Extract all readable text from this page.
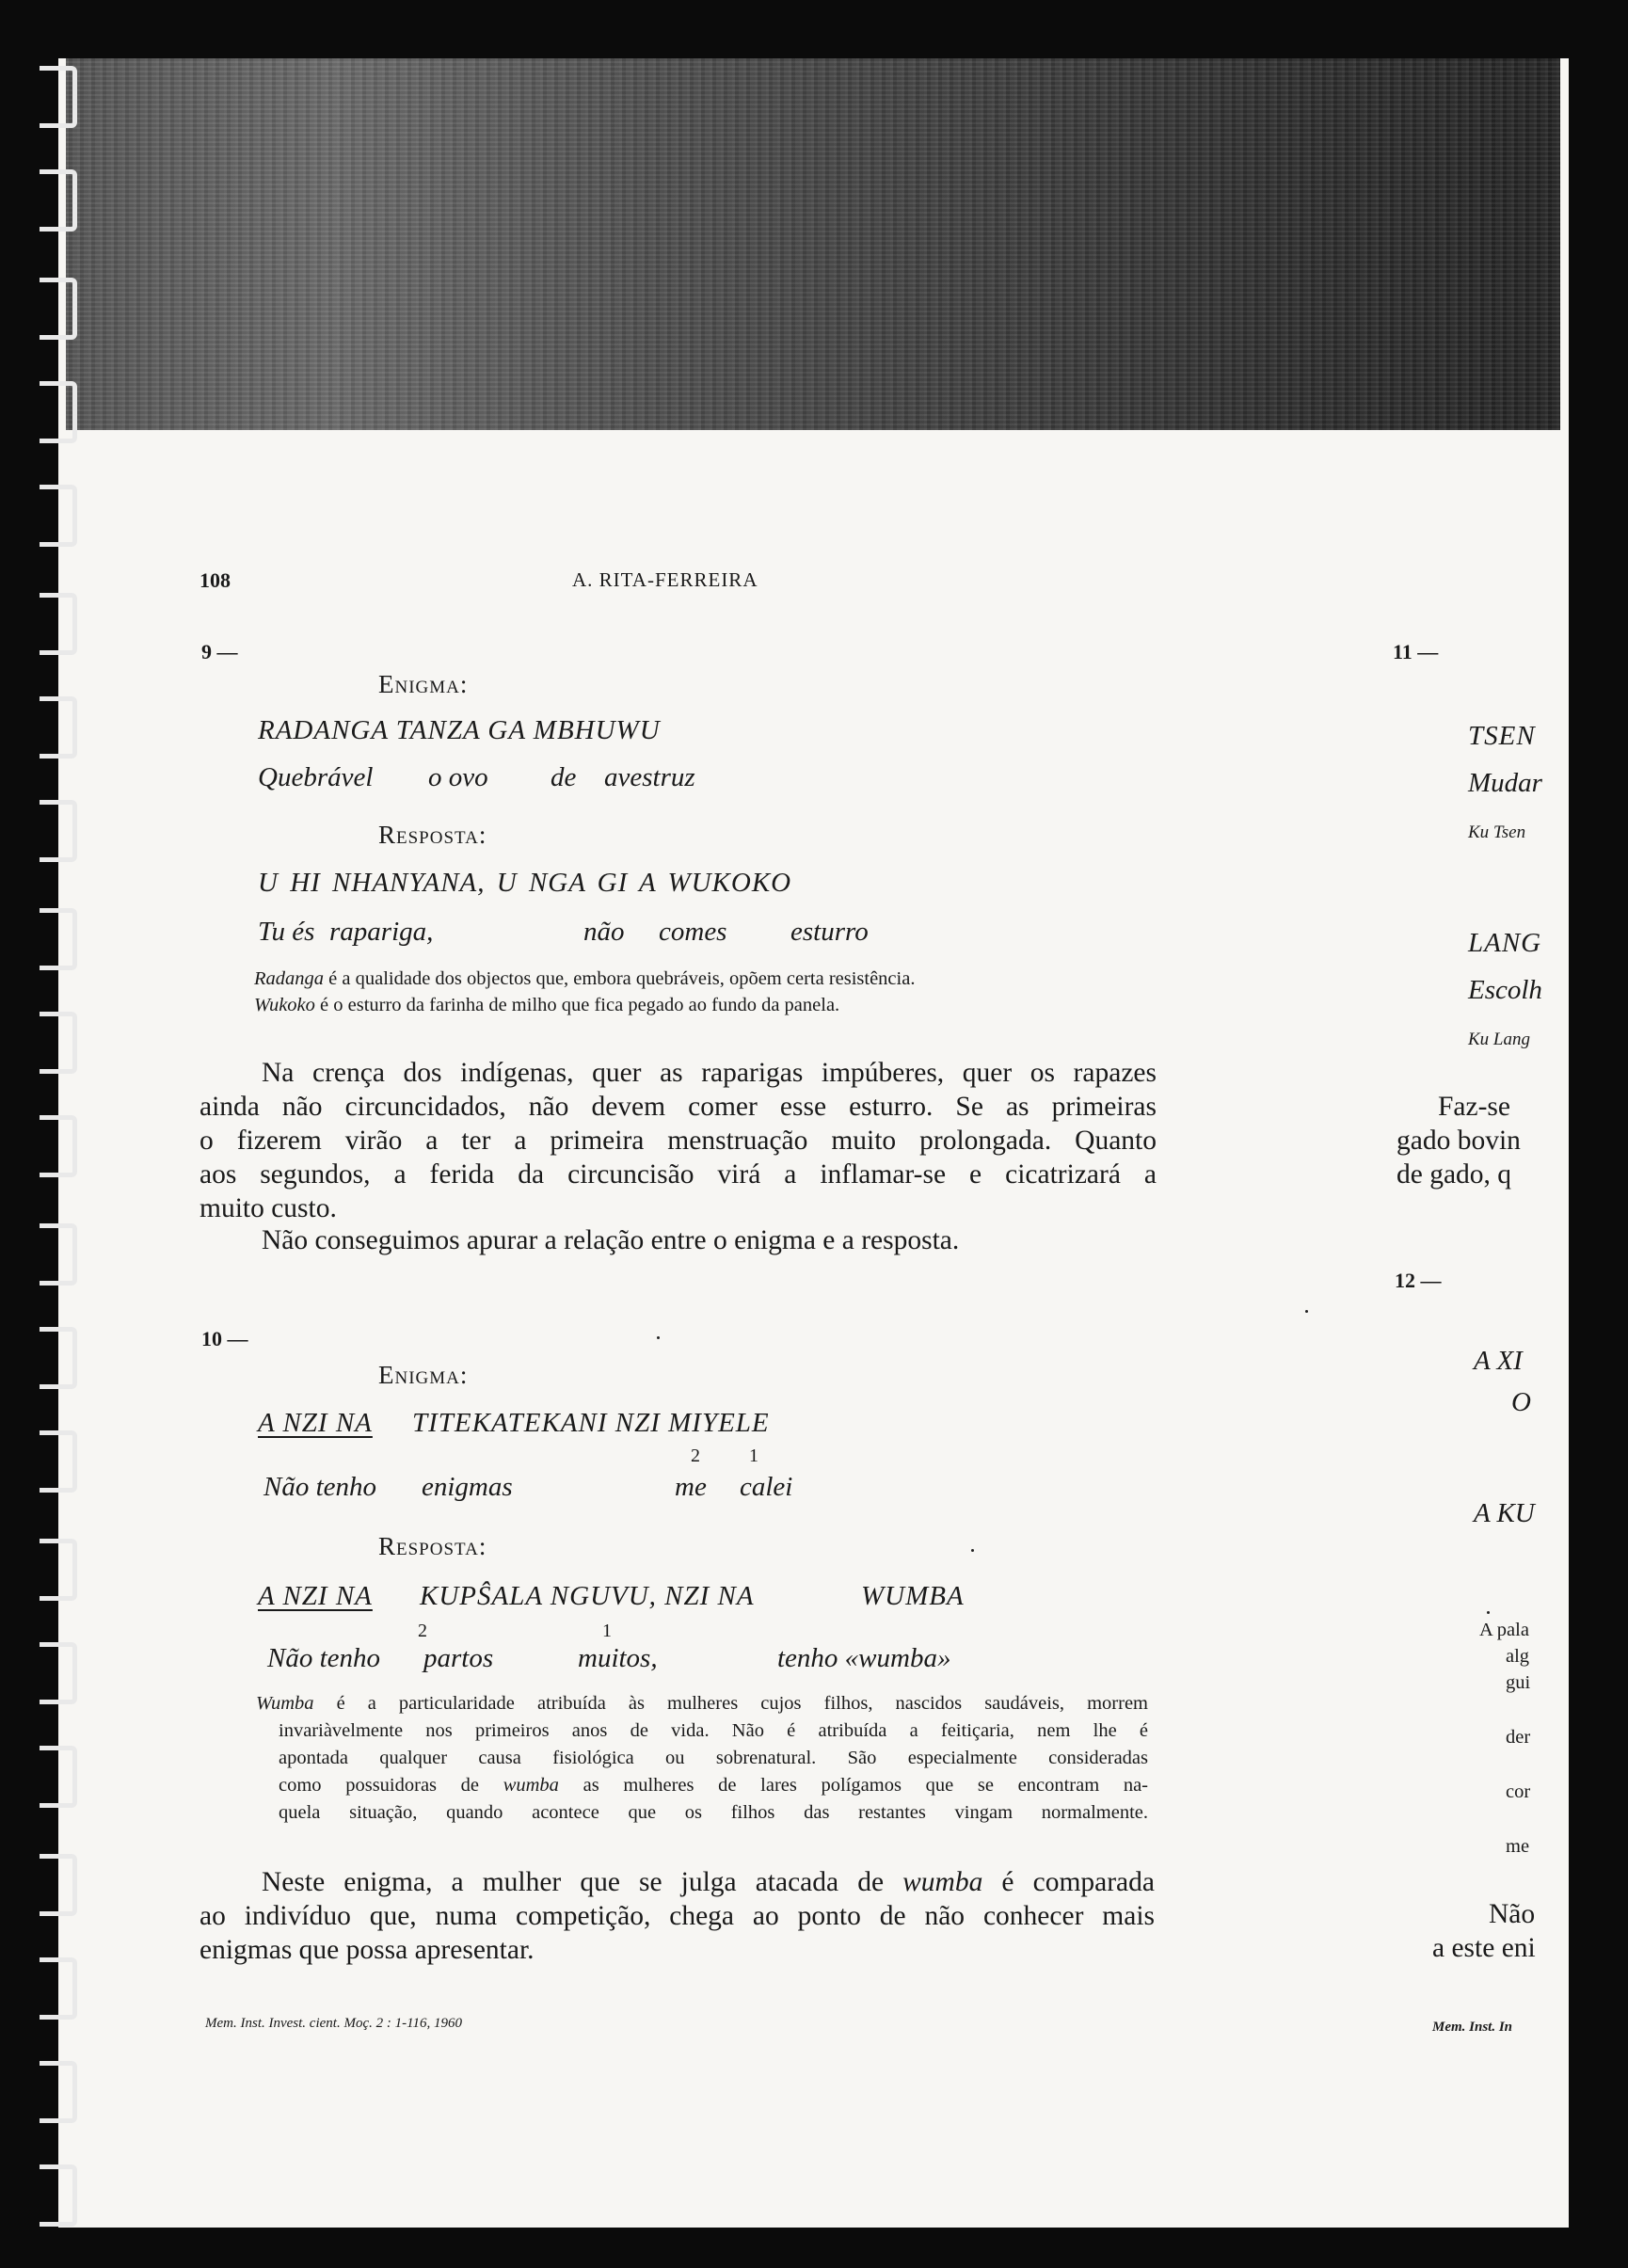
108	A. RITA-FERREIRA
9 —
Enigma:
RADANGA TANZA GA MBHUWU
Quebrável o ovo de avestruz
Resposta:
U HI NHANYANA, U NGA GI A WUKOKO
Tu és rapariga,	não comes esturro
Radanga é a qualidade dos objectos que, embora quebráveis, opõem certa resistência.
Wukoko é o esturro da farinha de milho que fica pegado ao fundo da panela.
Na crença dos indígenas, quer as raparigas impúberes, quer os rapazes
ainda não circuncidados, não devem comer esse esturro. Se as primeiras
o fizerem virão a ter a primeira menstruação muito prolongada. Quanto
aos segundos, a ferida da circuncisão virá a inflamar-se e cicatrizará a
muito custo.
Não conseguimos apurar a relação entre o enigma e a resposta.
10 —
Enigma:
A NZI NA TITEKATEKANI NZI MIYELE
2	1
Não tenho enigmas	me calei
Resposta:
A NZI NA KUPŜALA NGUVU, NZI NA	WUMBA
2	1
Não tenho partos	muitos,	tenho «wumba»
Wumba é a particularidade atribuída às mulheres cujos filhos, nascidos saudáveis, morrem
invariàvelmente nos primeiros anos de vida. Não é atribuída a feitiçaria, nem lhe é
apontada qualquer causa fisiológica ou sobrenatural. São especialmente consideradas
como possuidoras de wumba as mulheres de lares polígamos que se encontram na-
quela situação, quando acontece que os filhos das restantes vingam normalmente.
Neste enigma, a mulher que se julga atacada de wumba é comparada
ao indivíduo que, numa competição, chega ao ponto de não conhecer mais
enigmas que possa apresentar.
Mem. Inst. Invest. cient. Moç. 2 : 1-116, 1960	Mem. Inst. In
11 —
TSEN
Mudar
Ku Tsen
LANG
Escolh
Ku Lang
Faz-se
gado bovin
de gado, q
12 —
A XI
O
A KU
A pala
alg
gui
der
cor
me
Não
a este eni
